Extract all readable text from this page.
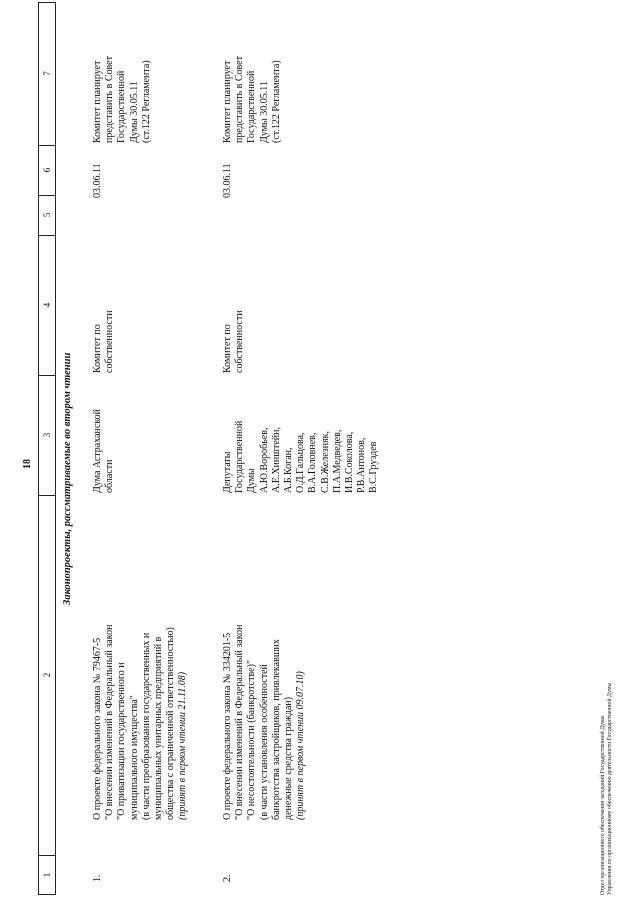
18
1
2
3
4
5
6
7
Законопроекты, рассматриваемые во втором чтении
1.
О проекте федерального закона № 79467-5 "О внесении изменений в Федеральный закон "О приватизации государственного и муниципального имущества" (в части преобразования государственных и муниципальных унитарных предприятий в общества с ограниченной ответственностью) (принят в первом чтении 21.11.08)
Дума Астраханской области
Комитет по собственности
03.06.11
Комитет планирует представить в Совет Государственной Думы 30.05.11 (ст.122 Регламента)
2.
О проекте федерального закона № 334201-5 "О внесении изменений в Федеральный закон "О несостоятельности (банкротстве)" (в части установления особенностей банкротства застройщиков, привлекавших денежные средства граждан) (принят в первом чтении 09.07.10)
Депутаты Государственной Думы А.Ю.Воробьев, А.Е.Хинштейн, А.Б.Коган, О.Д.Гальцова, В.А.Головнев, С.В.Железняк, П.А.Медведев, И.В.Соколова, Р.В.Антонов, В.С.Груздев
Комитет по собственности
03.06.11
Комитет планирует представить в Совет Государственной Думы 30.05.11 (ст.122 Регламента)
Отдел организационного обеспечения заседаний Государственной Думы Управления по организационному обеспечению деятельности Государственной Думы
